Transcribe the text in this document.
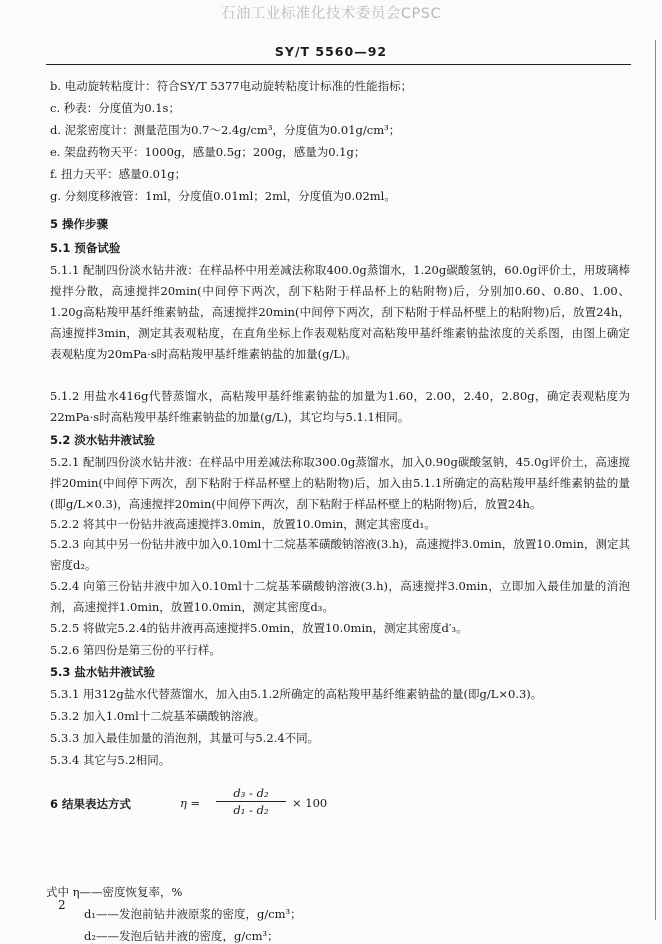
石油工业标准化技术委员会CPSC
SY/T 5560—92
b. 电动旋转粘度计：符合SY/T 5377电动旋转粘度计标准的性能指标；
c. 秒表：分度值为0.1s；
d. 泥浆密度计：测量范围为0.7～2.4g/cm³，分度值为0.01g/cm³；
e. 架盘药物天平：1000g，感量0.5g；200g，感量为0.1g；
f. 扭力天平：感量0.01g；
g. 分刻度移液管：1ml，分度值0.01ml；2ml，分度值为0.02ml。
5 操作步骤
5.1 预备试验
5.1.1 配制四份淡水钻井液：在样品杯中用差减法称取400.0g蒸馏水，1.20g碳酸氢钠，60.0g评价土，用玻璃棒搅拌分散，高速搅拌20min(中间停下两次，刮下粘附于样品杯上的粘附物)后，分别加0.60、0.80、1.00、1.20g高粘羧甲基纤维素钠盐，高速搅拌20min(中间停下两次，刮下粘附于样品杯壁上的粘附物)后，放置24h，高速搅拌3min，测定其表观粘度，在直角坐标上作表观粘度对高粘羧甲基纤维素钠盐浓度的关系图，由图上确定表观粘度为20mPa·s时高粘羧甲基纤维素钠盐的加量(g/L)。
5.1.2 用盐水416g代替蒸馏水，高粘羧甲基纤维素钠盐的加量为1.60，2.00，2.40，2.80g，确定表观粘度为22mPa·s时高粘羧甲基纤维素钠盐的加量(g/L)，其它均与5.1.1相同。
5.2 淡水钻井液试验
5.2.1 配制四份淡水钻井液：在样品中用差减法称取300.0g蒸馏水，加入0.90g碳酸氢钠，45.0g评价土，高速搅拌20min(中间停下两次，刮下粘附于样品杯壁上的粘附物)后，加入由5.1.1所确定的高粘羧甲基纤维素钠盐的量(即g/L×0.3)，高速搅拌20min(中间停下两次，刮下粘附于样品杯壁上的粘附物)后，放置24h。
5.2.2 将其中一份钻井液高速搅拌3.0min，放置10.0min，测定其密度d₁。
5.2.3 向其中另一份钻井液中加入0.10ml十二烷基苯磺酸钠溶液(3.h)，高速搅拌3.0min，放置10.0min，测定其密度d₂。
5.2.4 向第三份钻井液中加入0.10ml十二烷基苯磺酸钠溶液(3.h)，高速搅拌3.0min，立即加入最佳加量的消泡剂，高速搅拌1.0min，放置10.0min，测定其密度d₃。
5.2.5 将做完5.2.4的钻井液再高速搅拌5.0min，放置10.0min，测定其密度d′₃。
5.2.6 第四份是第三份的平行样。
5.3 盐水钻井液试验
5.3.1 用312g盐水代替蒸馏水，加入由5.1.2所确定的高粘羧甲基纤维素钠盐的量(即g/L×0.3)。
5.3.2 加入1.0ml十二烷基苯磺酸钠溶液。
5.3.3 加入最佳加量的消泡剂，其量可与5.2.4不同。
5.3.4 其它与5.2相同。
6 结果表达方式
式中 η——密度恢复率，%
d₁——发泡前钻井液原浆的密度，g/cm³；
d₂——发泡后钻井液的密度，g/cm³；
$\eta = \frac{\text{d₃ - d₂}}{\text{d₁ - d₂}} \times 100$
2
